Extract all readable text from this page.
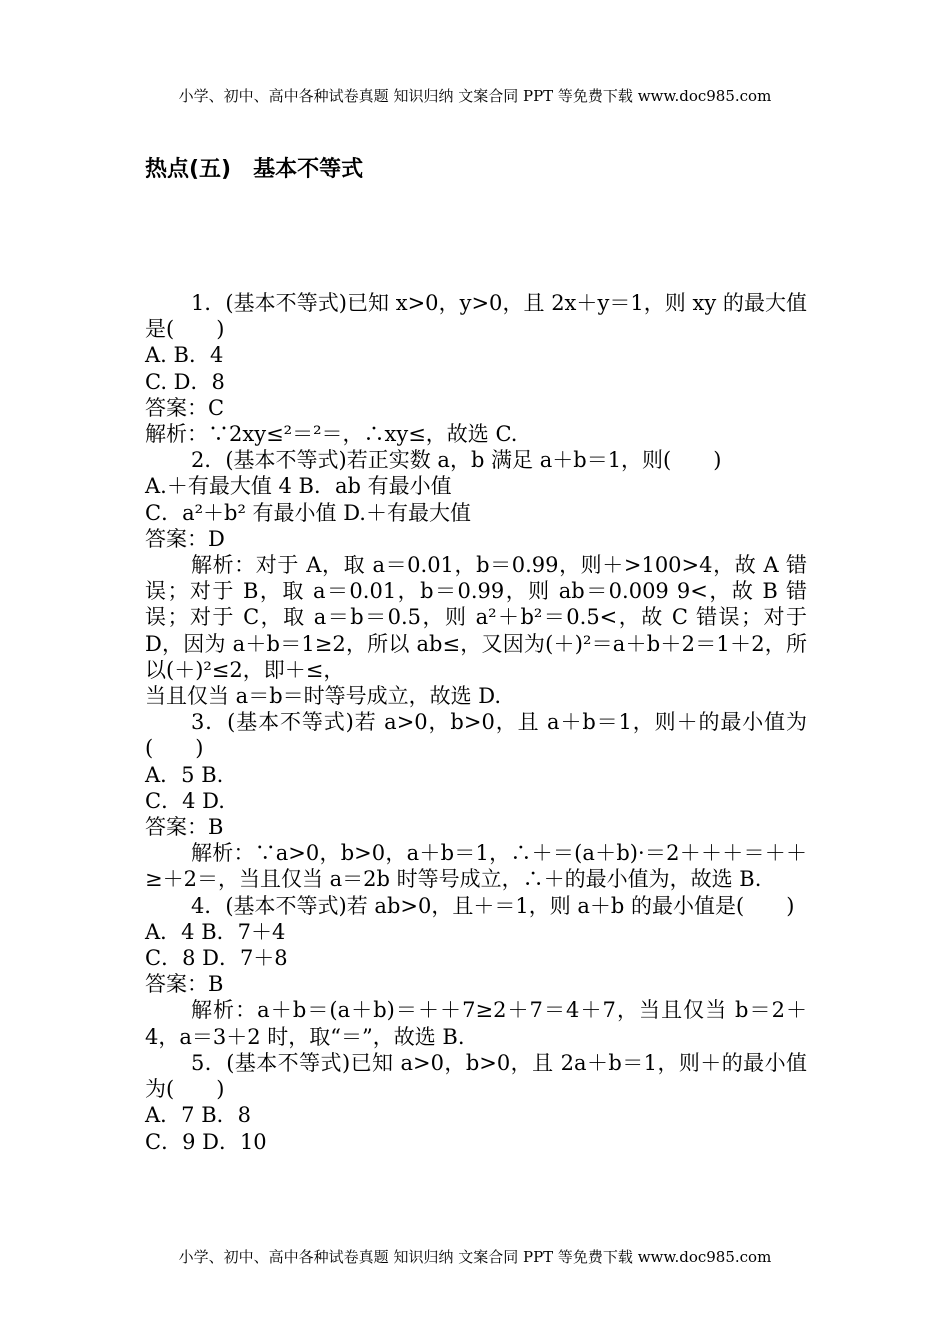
小学、初中、高中各种试卷真题 知识归纳 文案合同 PPT 等免费下载 www.doc985.com
热点(五)　基本不等式

1．(基本不等式)已知 x>0，y>0，且 2x＋y＝1，则 xy 的最大值是(　　)

A. B．4

C. D．8

答案：C

解析：∵2xy≤²＝²＝，∴xy≤，故选 C.

2．(基本不等式)若正实数 a，b 满足 a＋b＝1，则(　　)

A.＋有最大值 4 B．ab 有最小值

C．a²＋b² 有最小值 D.＋有最大值

答案：D

解析：对于 A，取 a＝0.01，b＝0.99，则＋>100>4，故 A 错误；对于 B，取 a＝0.01，b＝0.99，则 ab＝0.009 9<，故 B 错误；对于 C，取 a＝b＝0.5，则 a²＋b²＝0.5<，故 C 错误；对于 D，因为 a＋b＝1≥2，所以 ab≤，又因为(＋)²＝a＋b＋2＝1＋2，所以(＋)²≤2，即＋≤，

当且仅当 a＝b＝时等号成立，故选 D.

3．(基本不等式)若 a>0，b>0，且 a＋b＝1，则＋的最小值为(　　)

A．5 B.

C．4 D.

答案：B

解析：∵a>0，b>0，a＋b＝1，∴＋＝(a＋b)·＝2＋＋＋＝＋＋≥＋2＝，当且仅当 a＝2b 时等号成立，∴＋的最小值为，故选 B.

4．(基本不等式)若 ab>0，且＋＝1，则 a＋b 的最小值是(　　)

A．4 B．7＋4

C．8 D．7＋8

答案：B

解析：a＋b＝(a＋b)＝＋＋7≥2＋7＝4＋7，当且仅当 b＝2＋4，a＝3＋2 时，取“＝”，故选 B.

5．(基本不等式)已知 a>0，b>0，且 2a＋b＝1，则＋的最小值为(　　)

A．7 B．8

C．9 D．10

小学、初中、高中各种试卷真题 知识归纳 文案合同 PPT 等免费下载 www.doc985.com
